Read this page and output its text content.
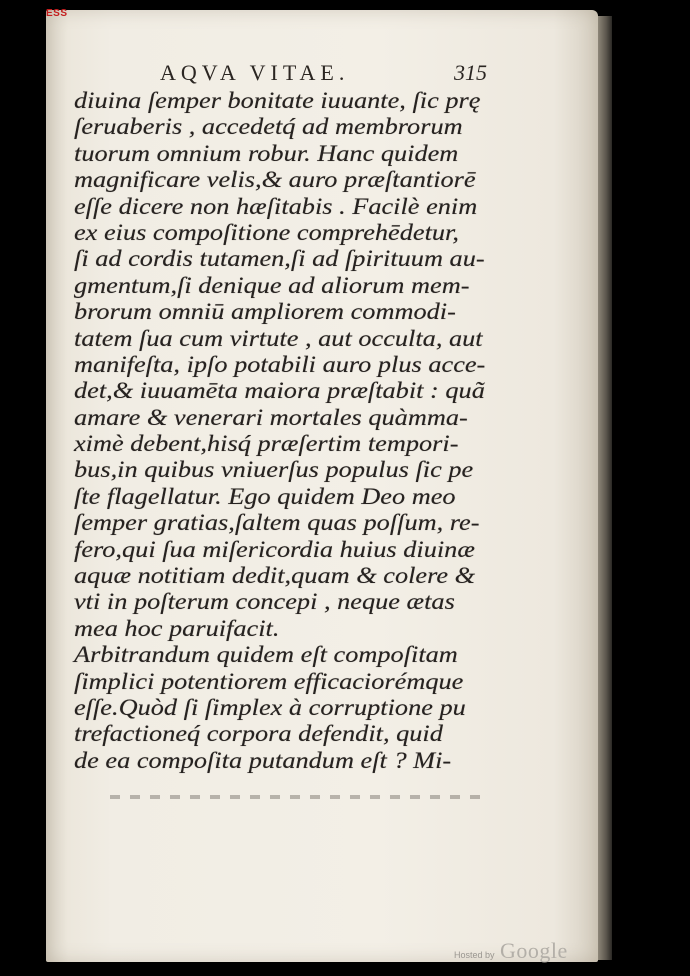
ESS
AQVA VITAE.	315
diuina ſemper bonitate iuuante, ſic prę
ſeruaberis , accedetq́ ad membrorum
tuorum omnium robur. Hanc quidem
magnificare velis,& auro præſtantiorē
eſſe dicere non hæſitabis . Facilè enim
ex eius compoſitione comprehēdetur,
ſi ad cordis tutamen,ſi ad ſpirituum au-
gmentum,ſi denique ad aliorum mem-
brorum omniū ampliorem commodi-
tatem ſua cum virtute , aut occulta, aut
manifeſta, ipſo potabili auro plus acce-
det,& iuuamēta maiora præſtabit : quã
amare & venerari mortales quàmma-
ximè debent,hisq́ præſertim tempori-
bus,in quibus vniuerſus populus ſic pe
ſte flagellatur. Ego quidem Deo meo
ſemper gratias,ſaltem quas poſſum, re-
fero,qui ſua miſericordia huius diuinæ
aquæ notitiam dedit,quam & colere &
vti in poſterum concepi , neque ætas
mea hoc paruifacit.
Arbitrandum quidem eſt compoſitam
ſimplici potentiorem efficaciorémque
eſſe.Quòd ſi ſimplex à corruptione pu
trefactioneq́ corpora defendit, quid
de ea compoſita putandum eſt ? Mi-
Hosted by Google
